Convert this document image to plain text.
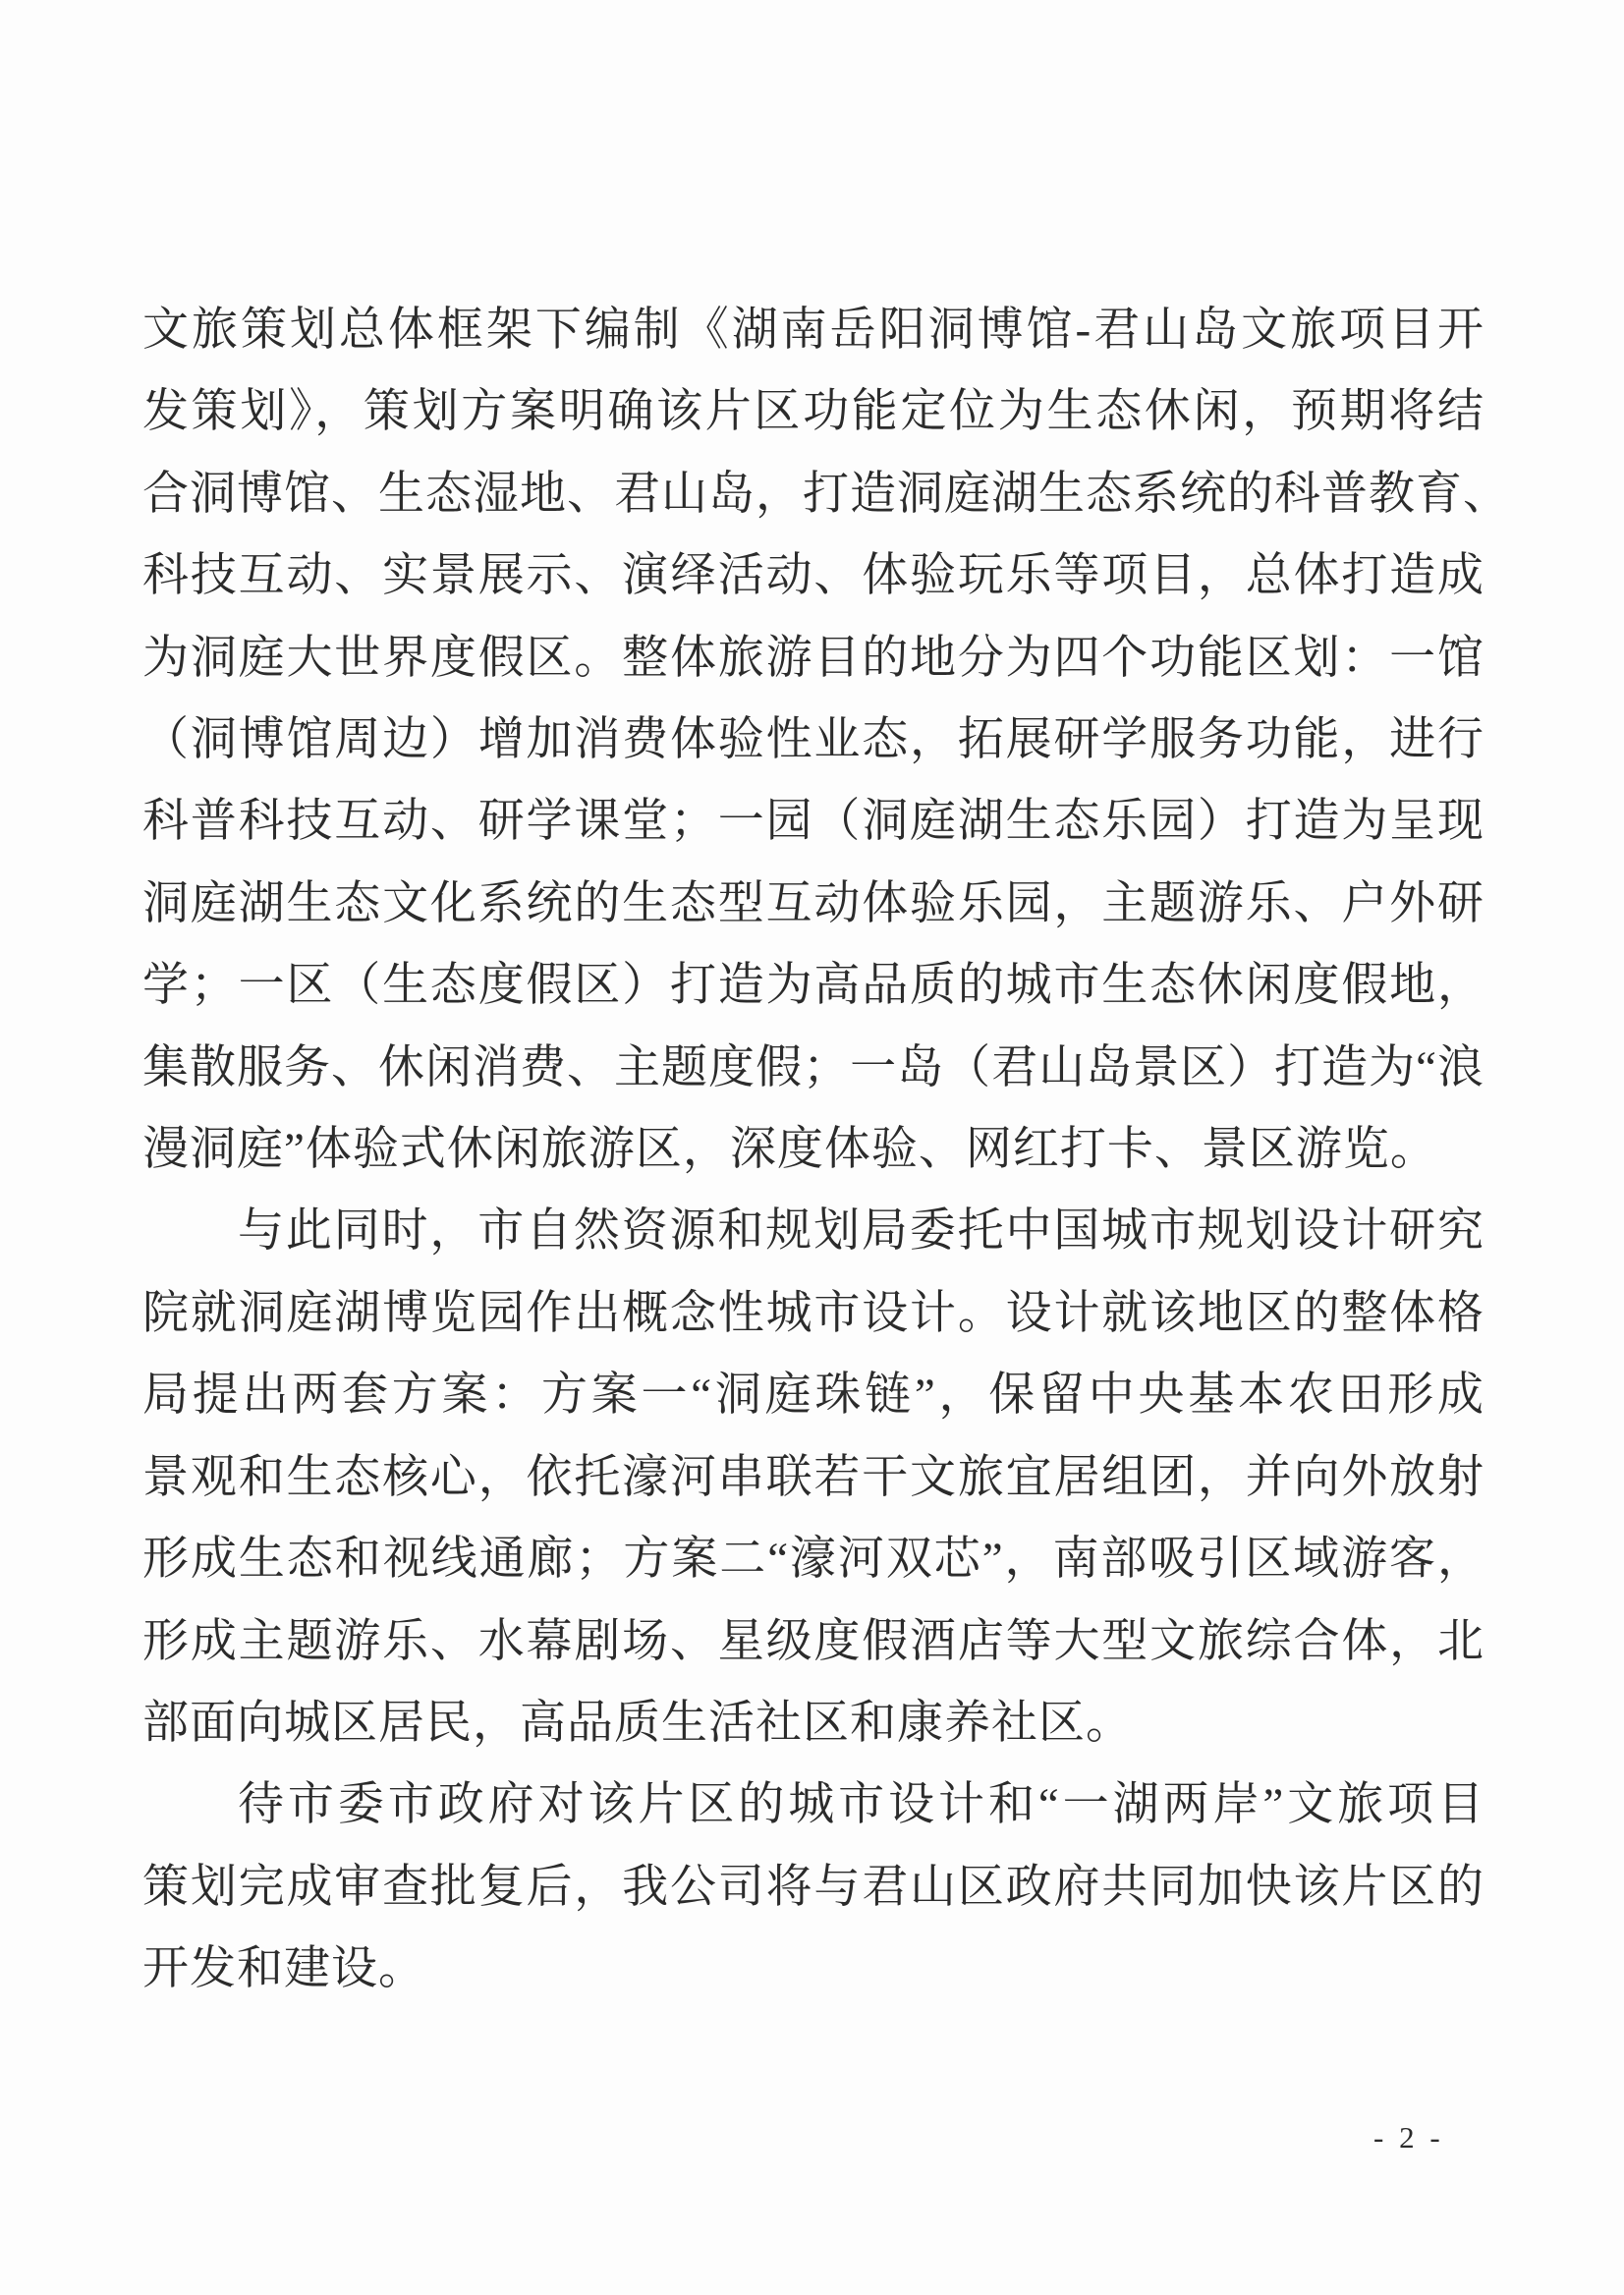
文旅策划总体框架下编制《湖南岳阳洞博馆-君山岛文旅项目开
发策划》，策划方案明确该片区功能定位为生态休闲，预期将结
合洞博馆、生态湿地、君山岛，打造洞庭湖生态系统的科普教育、
科技互动、实景展示、演绎活动、体验玩乐等项目，总体打造成
为洞庭大世界度假区。整体旅游目的地分为四个功能区划：一馆
（洞博馆周边）增加消费体验性业态，拓展研学服务功能，进行
科普科技互动、研学课堂；一园（洞庭湖生态乐园）打造为呈现
洞庭湖生态文化系统的生态型互动体验乐园，主题游乐、户外研
学；一区（生态度假区）打造为高品质的城市生态休闲度假地，
集散服务、休闲消费、主题度假；一岛（君山岛景区）打造为“浪
漫洞庭”体验式休闲旅游区，深度体验、网红打卡、景区游览。
与此同时，市自然资源和规划局委托中国城市规划设计研究
院就洞庭湖博览园作出概念性城市设计。设计就该地区的整体格
局提出两套方案：方案一“洞庭珠链”，保留中央基本农田形成
景观和生态核心，依托濠河串联若干文旅宜居组团，并向外放射
形成生态和视线通廊；方案二“濠河双芯”，南部吸引区域游客，
形成主题游乐、水幕剧场、星级度假酒店等大型文旅综合体，北
部面向城区居民，高品质生活社区和康养社区。
待市委市政府对该片区的城市设计和“一湖两岸”文旅项目
策划完成审查批复后，我公司将与君山区政府共同加快该片区的
开发和建设。
- 2 -
